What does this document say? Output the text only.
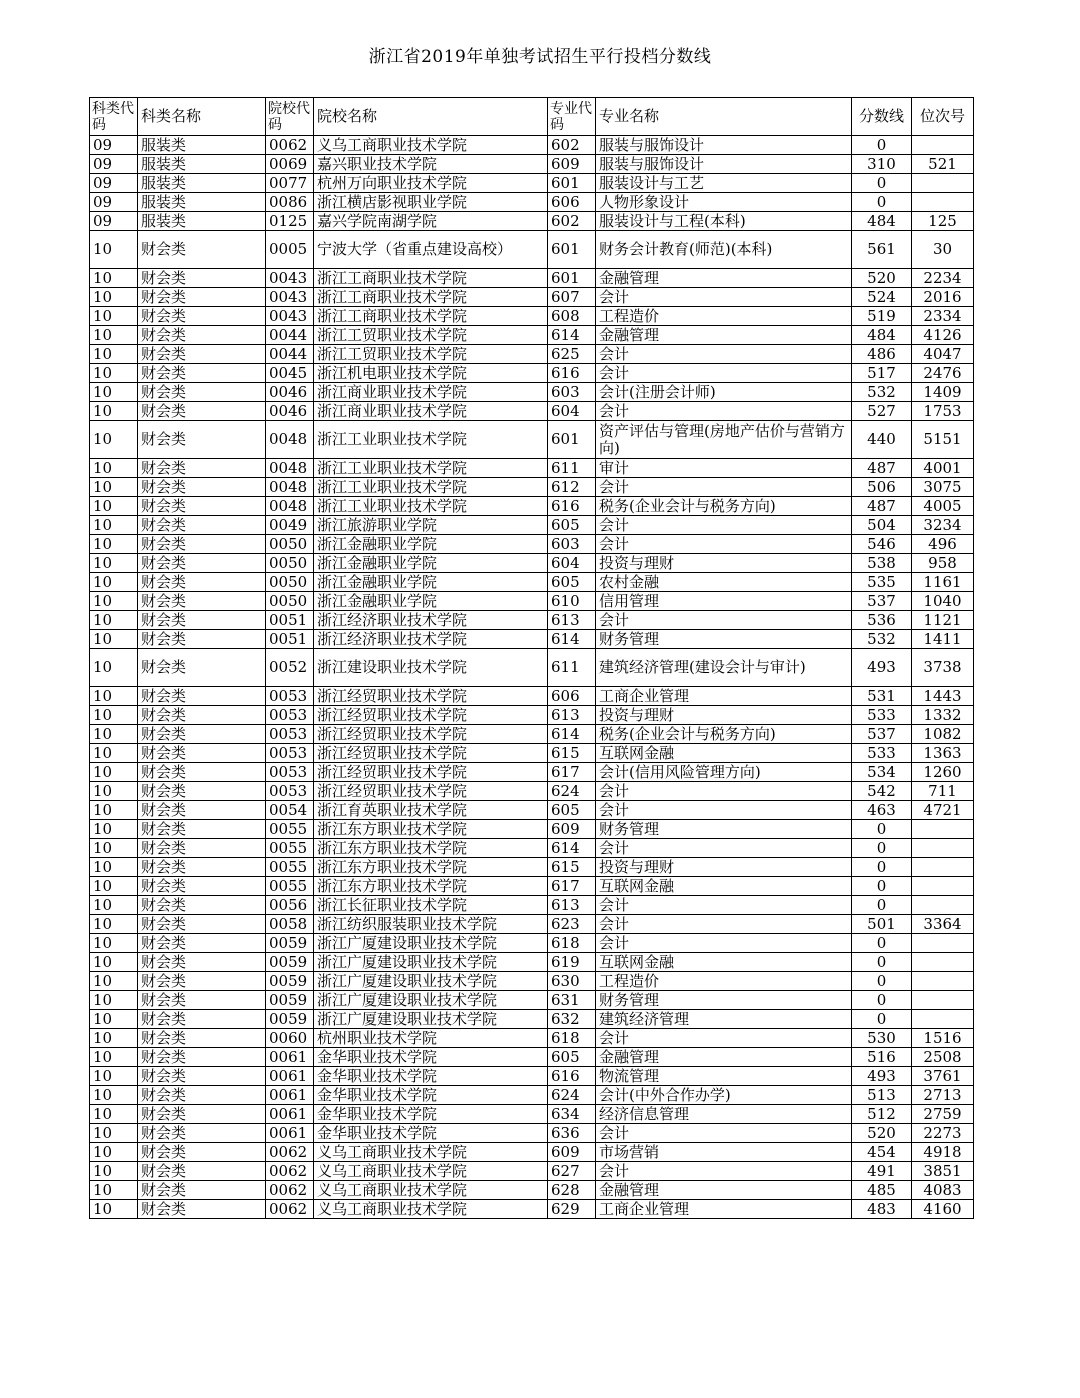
浙江省2019年单独考试招生平行投档分数线
科类代码	科类名称	院校代码	院校名称	专业代码	专业名称	分数线	位次号
09	服装类	0062	义乌工商职业技术学院	602	服装与服饰设计	0	
09	服装类	0069	嘉兴职业技术学院	609	服装与服饰设计	310	521
09	服装类	0077	杭州万向职业技术学院	601	服装设计与工艺	0	
09	服装类	0086	浙江横店影视职业学院	606	人物形象设计	0	
09	服装类	0125	嘉兴学院南湖学院	602	服装设计与工程(本科)	484	125
10	财会类	0005	宁波大学（省重点建设高校）	601	财务会计教育(师范)(本科)	561	30
10	财会类	0043	浙江工商职业技术学院	601	金融管理	520	2234
10	财会类	0043	浙江工商职业技术学院	607	会计	524	2016
10	财会类	0043	浙江工商职业技术学院	608	工程造价	519	2334
10	财会类	0044	浙江工贸职业技术学院	614	金融管理	484	4126
10	财会类	0044	浙江工贸职业技术学院	625	会计	486	4047
10	财会类	0045	浙江机电职业技术学院	616	会计	517	2476
10	财会类	0046	浙江商业职业技术学院	603	会计(注册会计师)	532	1409
10	财会类	0046	浙江商业职业技术学院	604	会计	527	1753
10	财会类	0048	浙江工业职业技术学院	601	资产评估与管理(房地产估价与营销方向)	440	5151
10	财会类	0048	浙江工业职业技术学院	611	审计	487	4001
10	财会类	0048	浙江工业职业技术学院	612	会计	506	3075
10	财会类	0048	浙江工业职业技术学院	616	税务(企业会计与税务方向)	487	4005
10	财会类	0049	浙江旅游职业学院	605	会计	504	3234
10	财会类	0050	浙江金融职业学院	603	会计	546	496
10	财会类	0050	浙江金融职业学院	604	投资与理财	538	958
10	财会类	0050	浙江金融职业学院	605	农村金融	535	1161
10	财会类	0050	浙江金融职业学院	610	信用管理	537	1040
10	财会类	0051	浙江经济职业技术学院	613	会计	536	1121
10	财会类	0051	浙江经济职业技术学院	614	财务管理	532	1411
10	财会类	0052	浙江建设职业技术学院	611	建筑经济管理(建设会计与审计)	493	3738
10	财会类	0053	浙江经贸职业技术学院	606	工商企业管理	531	1443
10	财会类	0053	浙江经贸职业技术学院	613	投资与理财	533	1332
10	财会类	0053	浙江经贸职业技术学院	614	税务(企业会计与税务方向)	537	1082
10	财会类	0053	浙江经贸职业技术学院	615	互联网金融	533	1363
10	财会类	0053	浙江经贸职业技术学院	617	会计(信用风险管理方向)	534	1260
10	财会类	0053	浙江经贸职业技术学院	624	会计	542	711
10	财会类	0054	浙江育英职业技术学院	605	会计	463	4721
10	财会类	0055	浙江东方职业技术学院	609	财务管理	0	
10	财会类	0055	浙江东方职业技术学院	614	会计	0	
10	财会类	0055	浙江东方职业技术学院	615	投资与理财	0	
10	财会类	0055	浙江东方职业技术学院	617	互联网金融	0	
10	财会类	0056	浙江长征职业技术学院	613	会计	0	
10	财会类	0058	浙江纺织服装职业技术学院	623	会计	501	3364
10	财会类	0059	浙江广厦建设职业技术学院	618	会计	0	
10	财会类	0059	浙江广厦建设职业技术学院	619	互联网金融	0	
10	财会类	0059	浙江广厦建设职业技术学院	630	工程造价	0	
10	财会类	0059	浙江广厦建设职业技术学院	631	财务管理	0	
10	财会类	0059	浙江广厦建设职业技术学院	632	建筑经济管理	0	
10	财会类	0060	杭州职业技术学院	618	会计	530	1516
10	财会类	0061	金华职业技术学院	605	金融管理	516	2508
10	财会类	0061	金华职业技术学院	616	物流管理	493	3761
10	财会类	0061	金华职业技术学院	624	会计(中外合作办学)	513	2713
10	财会类	0061	金华职业技术学院	634	经济信息管理	512	2759
10	财会类	0061	金华职业技术学院	636	会计	520	2273
10	财会类	0062	义乌工商职业技术学院	609	市场营销	454	4918
10	财会类	0062	义乌工商职业技术学院	627	会计	491	3851
10	财会类	0062	义乌工商职业技术学院	628	金融管理	485	4083
10	财会类	0062	义乌工商职业技术学院	629	工商企业管理	483	4160
